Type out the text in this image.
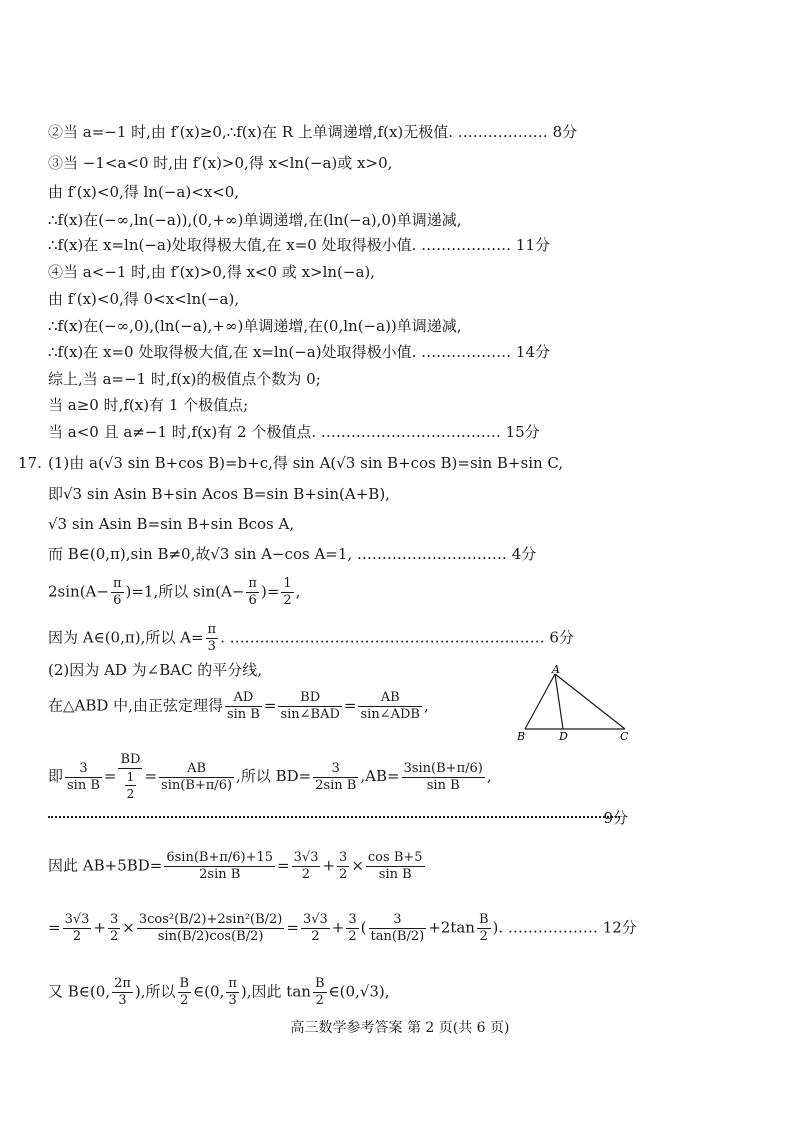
②当 a=−1 时,由 f′(x)≥0,∴f(x)在 R 上单调递增,f(x)无极值. ……………… 8分
③当 −1<a<0 时,由 f′(x)>0,得 x<ln(−a)或 x>0,
由 f′(x)<0,得 ln(−a)<x<0,
∴f(x)在(−∞,ln(−a)),(0,+∞)单调递增,在(ln(−a),0)单调递减,
∴f(x)在 x=ln(−a)处取得极大值,在 x=0 处取得极小值. ……………… 11分
④当 a<−1 时,由 f′(x)>0,得 x<0 或 x>ln(−a),
由 f′(x)<0,得 0<x<ln(−a),
∴f(x)在(−∞,0),(ln(−a),+∞)单调递增,在(0,ln(−a))单调递减,
∴f(x)在 x=0 处取得极大值,在 x=ln(−a)处取得极小值. ……………… 14分
综上,当 a=−1 时,f(x)的极值点个数为 0;
当 a≥0 时,f(x)有 1 个极值点;
当 a<0 且 a≠−1 时,f(x)有 2 个极值点. ……………………………… 15分
17. (1)由 a(√3 sin B+cos B)=b+c,得 sin A(√3 sin B+cos B)=sin B+sin C,
即√3 sin Asin B+sin Acos B=sin B+sin(A+B),
√3 sin Asin B=sin B+sin Bcos A,
而 B∈(0,π),sin B≠0,故√3 sin A−cos A=1, ………………………… 4分
$2\sin(A- \frac{\pi}{6} )=1$,所以 $\sin(A- \frac{\pi}{6}$ )= $\frac{1}{2}$ ,
因为 A∈(0,π),所以 $A= \frac{\pi}{3}$ . ……………………………………………………… 6分
(2)因为 AD 为∠BAC 的平分线,
在△ABD 中,由正弦定理得 $\frac{AD}{\text{sin B}} = \frac{BD}{\text{sin∠BAD}} = \frac{AB}{\text{sin∠ADB}}$ ,
A
B	C
D
即 $\frac{3}{\text{sin B}} = \frac{BD}{\frac{1}{2}} = \frac{AB}{\sin(B+\pi/6)}$ ,所以 $BD= \frac{3}{\text{2sin B}} ,AB= \frac{3\sin(B+\pi/6)}{\text{sin B}}$ ,
9分
因此 $AB+5BD= \frac{6\sin(B+\pi/6)+15}{\text{2sin B}} = \frac{3√3}{2} + \frac{3}{2} \times \frac{\text{cos B+5}}{\text{sin B}}$
= $\frac{3√3}{2} + \frac{3}{2} \times \frac{\text{3cos²(B/2)+2sin²(B/2)}}{\sin(B/2)\cos(B/2)} = \frac{3√3}{2} + \frac{3}{2}$ ( $\frac{3}{\tan(B/2)} +2\tan \frac{B}{2}$ ). ……………… 12分
又 B∈(0, $\frac{2\pi}{3}$ ),所以 $\frac{B}{2}$ ∈(0, $\frac{\pi}{3}$ ),因此 $\tan \frac{B}{2}$ ∈(0,√3),
高三数学参考答案 第 2 页(共 6 页)
